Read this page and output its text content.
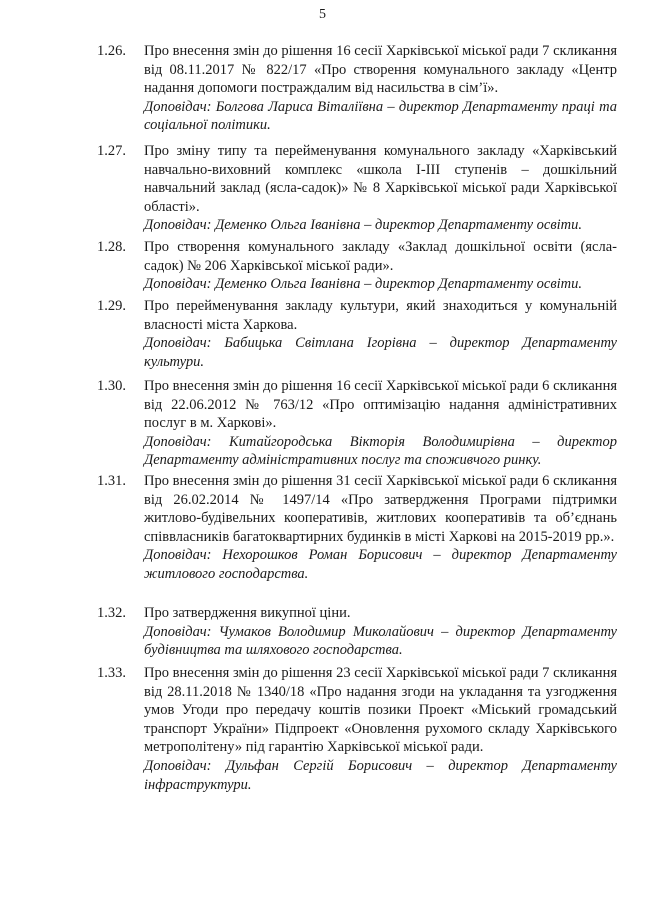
5
1.26. Про внесення змін до рішення 16 сесії Харківської міської ради 7 скликання від 08.11.2017 № 822/17 «Про створення комунального закладу «Центр надання допомоги постраждалим від насильства в сім’ї».

Доповідач: Болгова Лариса Віталіївна – директор Департаменту праці та соціальної політики.

1.27. Про зміну типу та перейменування комунального закладу «Харківський навчально-виховний комплекс «школа І-ІІІ ступенів – дошкільний навчальний заклад (ясла-садок)» № 8 Харківської міської ради Харківської області».

Доповідач: Деменко Ольга Іванівна – директор Департаменту освіти.

1.28. Про створення комунального закладу «Заклад дошкільної освіти (ясла-садок) № 206 Харківської міської ради».

Доповідач: Деменко Ольга Іванівна – директор Департаменту освіти.

1.29. Про перейменування закладу культури, який знаходиться у комунальній власності міста Харкова.

Доповідач: Бабицька Світлана Ігорівна – директор Департаменту культури.

1.30. Про внесення змін до рішення 16 сесії Харківської міської ради 6 скликання від 22.06.2012 № 763/12 «Про оптимізацію надання адміністративних послуг в м. Харкові».

Доповідач: Китайгородська Вікторія Володимирівна – директор Департаменту адміністративних послуг та споживчого ринку.

1.31. Про внесення змін до рішення 31 сесії Харківської міської ради 6 скликання від 26.02.2014 № 1497/14 «Про затвердження Програми підтримки житлово-будівельних кооперативів, житлових кооперативів та об’єднань співвласників багатоквартирних будинків в місті Харкові на 2015-2019 рр.».

Доповідач: Нехорошков Роман Борисович – директор Департаменту житлового господарства.

1.32. Про затвердження викупної ціни.

Доповідач: Чумаков Володимир Миколайович – директор Департаменту будівництва та шляхового господарства.

1.33. Про внесення змін до рішення 23 сесії Харківської міської ради 7 скликання від 28.11.2018 № 1340/18 «Про надання згоди на укладання та узгодження умов Угоди про передачу коштів позики Проект «Міський громадський транспорт України» Підпроект «Оновлення рухомого складу Харківського метрополітену» під гарантію Харківської міської ради.

Доповідач: Дульфан Сергій Борисович – директор Департаменту інфраструктури.
